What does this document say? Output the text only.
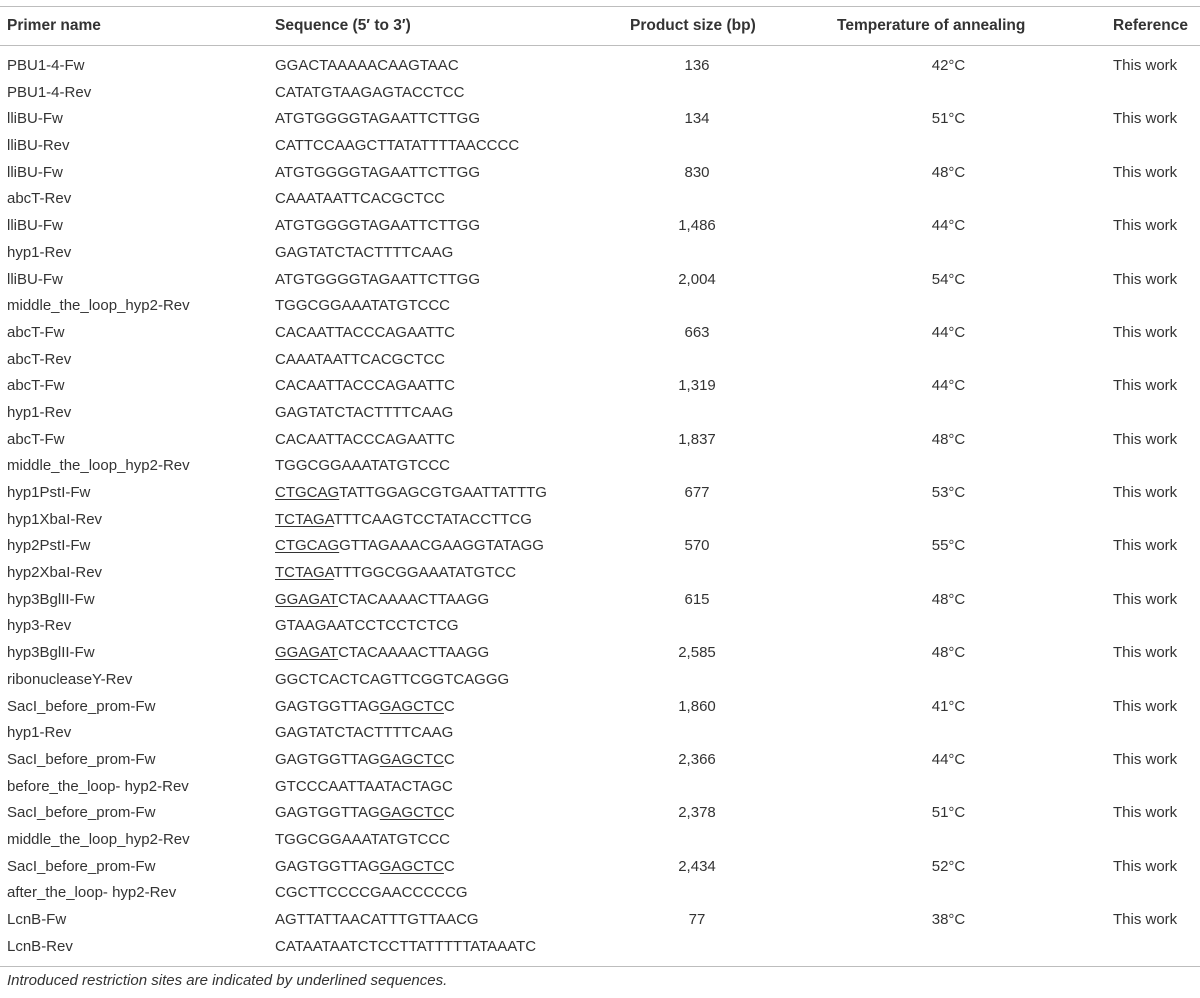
Primer name	Sequence (5′ to 3′)	Product size (bp)	Temperature of annealing	Reference
PBU1-4-Fw	GGACTAAAAACAAGTAAC	136	42°C	This work
PBU1-4-Rev	CATATGTAAGAGTACCTCC
lliBU-Fw	ATGTGGGGTAGAATTCTTGG	134	51°C	This work
lliBU-Rev	CATTCCAAGCTTATATTTTAACCCC
lliBU-Fw	ATGTGGGGTAGAATTCTTGG	830	48°C	This work
abcT-Rev	CAAATAATTCACGCTCC
lliBU-Fw	ATGTGGGGTAGAATTCTTGG	1,486	44°C	This work
hyp1-Rev	GAGTATCTACTTTTCAAG
lliBU-Fw	ATGTGGGGTAGAATTCTTGG	2,004	54°C	This work
middle_the_loop_hyp2-Rev	TGGCGGAAATATGTCCC
abcT-Fw	CACAATTACCCAGAATTC	663	44°C	This work
abcT-Rev	CAAATAATTCACGCTCC
abcT-Fw	CACAATTACCCAGAATTC	1,319	44°C	This work
hyp1-Rev	GAGTATCTACTTTTCAAG
abcT-Fw	CACAATTACCCAGAATTC	1,837	48°C	This work
middle_the_loop_hyp2-Rev	TGGCGGAAATATGTCCC
hyp1PstI-Fw	CTGCAGTATTGGAGCGTGAATTATTTG	677	53°C	This work
hyp1XbaI-Rev	TCTAGATTTCAAGTCCTATACCTTCG
hyp2PstI-Fw	CTGCAGGTTAGAAACGAAGGTATAGG	570	55°C	This work
hyp2XbaI-Rev	TCTAGATTTGGCGGAAATATGTCC
hyp3BglII-Fw	GGAGATCTACAAAACTTAAGG	615	48°C	This work
hyp3-Rev	GTAAGAATCCTCCTCTCG
hyp3BglII-Fw	GGAGATCTACAAAACTTAAGG	2,585	48°C	This work
ribonucleaseY-Rev	GGCTCACTCAGTTCGGTCAGGG
SacI_before_prom-Fw	GAGTGGTTAGGAGCTCC	1,860	41°C	This work
hyp1-Rev	GAGTATCTACTTTTCAAG
SacI_before_prom-Fw	GAGTGGTTAGGAGCTCC	2,366	44°C	This work
before_the_loop- hyp2-Rev	GTCCCAATTAATACTAGC
SacI_before_prom-Fw	GAGTGGTTAGGAGCTCC	2,378	51°C	This work
middle_the_loop_hyp2-Rev	TGGCGGAAATATGTCCC
SacI_before_prom-Fw	GAGTGGTTAGGAGCTCC	2,434	52°C	This work
after_the_loop- hyp2-Rev	CGCTTCCCCGAACCCCCG
LcnB-Fw	AGTTATTAACATTTGTTAACG	77	38°C	This work
LcnB-Rev	CATAATAATCTCCTTATTTTTATAAATC
Introduced restriction sites are indicated by underlined sequences.
